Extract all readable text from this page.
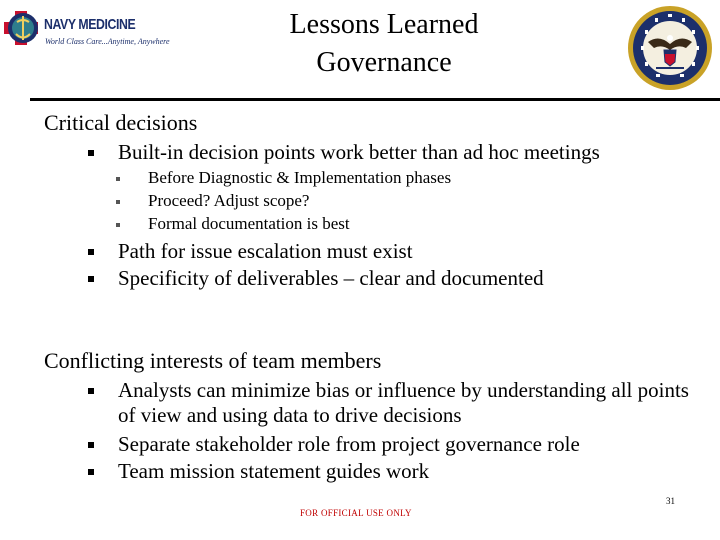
NAVY MEDICINE
World Class Care...Anytime, Anywhere
Lessons Learned
Governance
Critical decisions
Built-in decision points work better than ad hoc meetings
Before Diagnostic & Implementation phases
Proceed? Adjust scope?
Formal documentation is best
Path for issue escalation must exist
Specificity of deliverables – clear and documented
Conflicting interests of team members
Analysts can minimize bias or influence by understanding all points of view and using data to drive decisions
Separate stakeholder role from project governance role
Team mission statement guides work
31
FOR OFFICIAL USE ONLY
